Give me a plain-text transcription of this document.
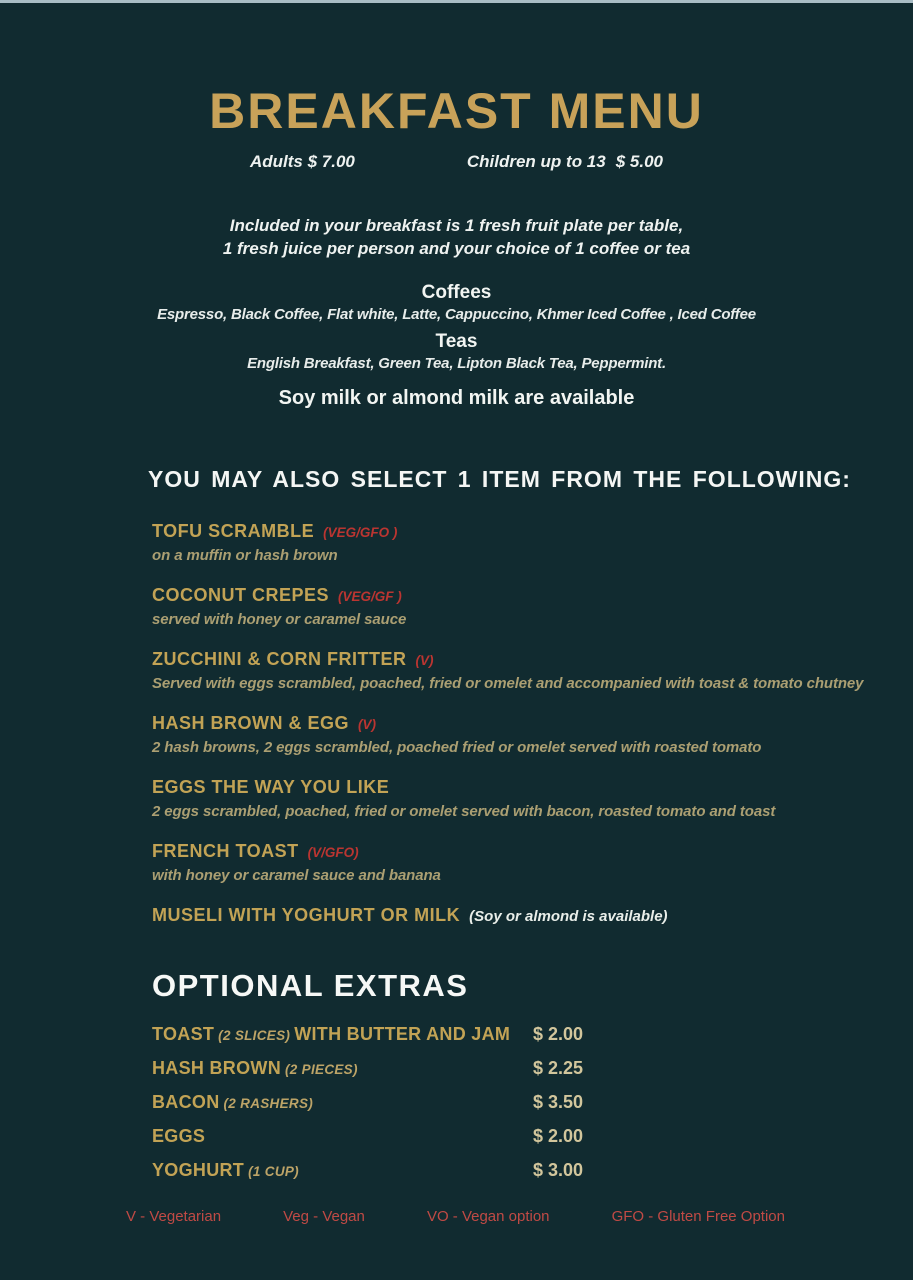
BREAKFAST MENU
Adults $ 7.00	Children up to 13 $ 5.00
Included in your breakfast is 1 fresh fruit plate per table,
1 fresh juice per person and your choice of 1 coffee or tea
Coffees
Espresso, Black Coffee, Flat white, Latte, Cappuccino, Khmer Iced Coffee , Iced Coffee
Teas
English Breakfast, Green Tea, Lipton Black Tea, Peppermint.
Soy milk or almond milk are available
YOU MAY ALSO SELECT 1 ITEM FROM THE FOLLOWING:
TOFU SCRAMBLE (VEG/GFO )
on a muffin or hash brown
COCONUT CREPES (VEG/GF )
served with honey or caramel sauce
ZUCCHINI & CORN FRITTER (V)
Served with eggs scrambled, poached, fried or omelet and accompanied with toast & tomato chutney
HASH BROWN & EGG (V)
2 hash browns, 2 eggs scrambled, poached fried or omelet served with roasted tomato
EGGS THE WAY YOU LIKE
2 eggs scrambled, poached, fried or omelet served with bacon, roasted tomato and toast
FRENCH TOAST (V/GFO)
with honey or caramel sauce and banana
MUSELI WITH YOGHURT OR MILK (Soy or almond is available)
OPTIONAL EXTRAS
TOAST (2 SLICES) WITH BUTTER AND JAM	$ 2.00
HASH BROWN (2 PIECES)	$ 2.25
BACON (2 RASHERS)	$ 3.50
EGGS	$ 2.00
YOGHURT (1 CUP)	$ 3.00
V - Vegetarian	Veg - Vegan	VO - Vegan option	GFO - Gluten Free Option
